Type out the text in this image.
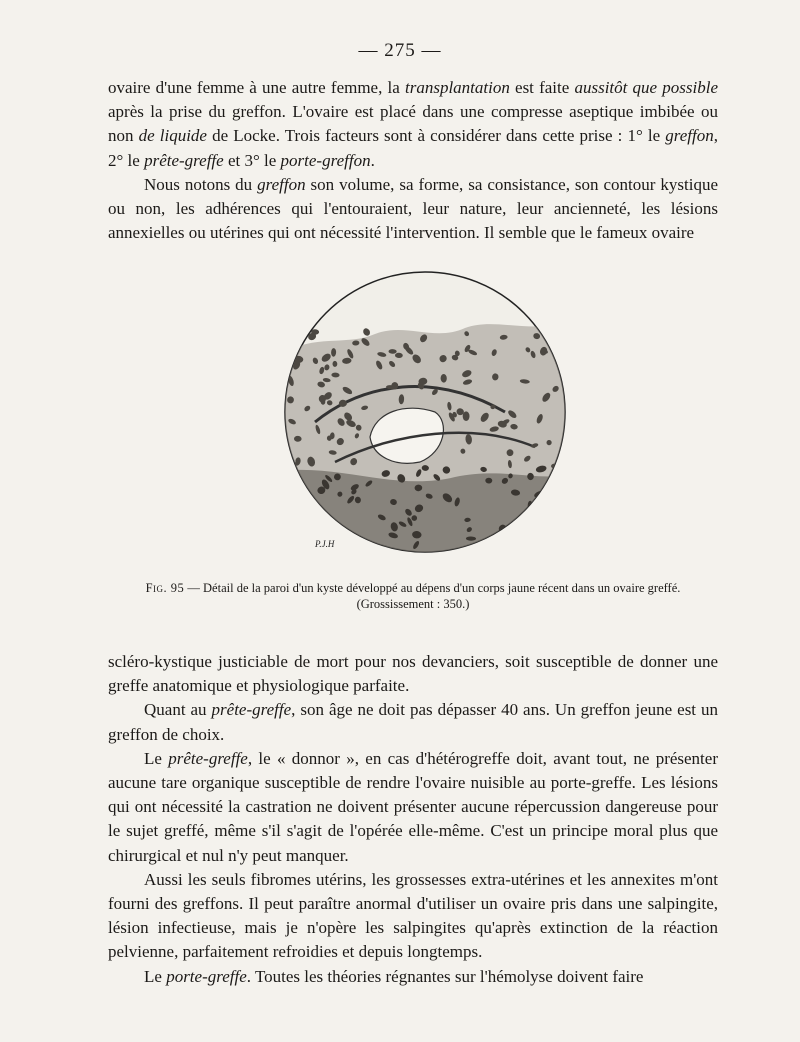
— 275 —

ovaire d'une femme à une autre femme, la transplantation est faite aussitôt que possible après la prise du greffon. L'ovaire est placé dans une compresse aseptique imbibée ou non de liquide de Locke. Trois facteurs sont à considérer dans cette prise : 1° le greffon, 2° le prête-greffe et 3° le porte-greffon.

Nous notons du greffon son volume, sa forme, sa consistance, son contour kystique ou non, les adhérences qui l'entouraient, leur nature, leur ancienneté, les lésions annexielles ou utérines qui ont nécessité l'intervention. Il semble que le fameux ovaire

P.J.H
Fig. 95 — Détail de la paroi d'un kyste développé au dépens d'un corps jaune récent dans un ovaire greffé.
(Grossissement : 350.)

scléro-kystique justiciable de mort pour nos devanciers, soit susceptible de donner une greffe anatomique et physiologique parfaite.

Quant au prête-greffe, son âge ne doit pas dépasser 40 ans. Un greffon jeune est un greffon de choix.

Le prête-greffe, le « donnor », en cas d'hétérogreffe doit, avant tout, ne présenter aucune tare organique susceptible de rendre l'ovaire nuisible au porte-greffe. Les lésions qui ont nécessité la castration ne doivent présenter aucune répercussion dangereuse pour le sujet greffé, même s'il s'agit de l'opérée elle-même. C'est un principe moral plus que chirurgical et nul n'y peut manquer.

Aussi les seuls fibromes utérins, les grossesses extra-utérines et les annexites m'ont fourni des greffons. Il peut paraître anormal d'utiliser un ovaire pris dans une salpingite, lésion infectieuse, mais je n'opère les salpingites qu'après extinction de la réaction pelvienne, parfaitement refroidies et depuis longtemps.

Le porte-greffe. Toutes les théories régnantes sur l'hémolyse doivent faire
